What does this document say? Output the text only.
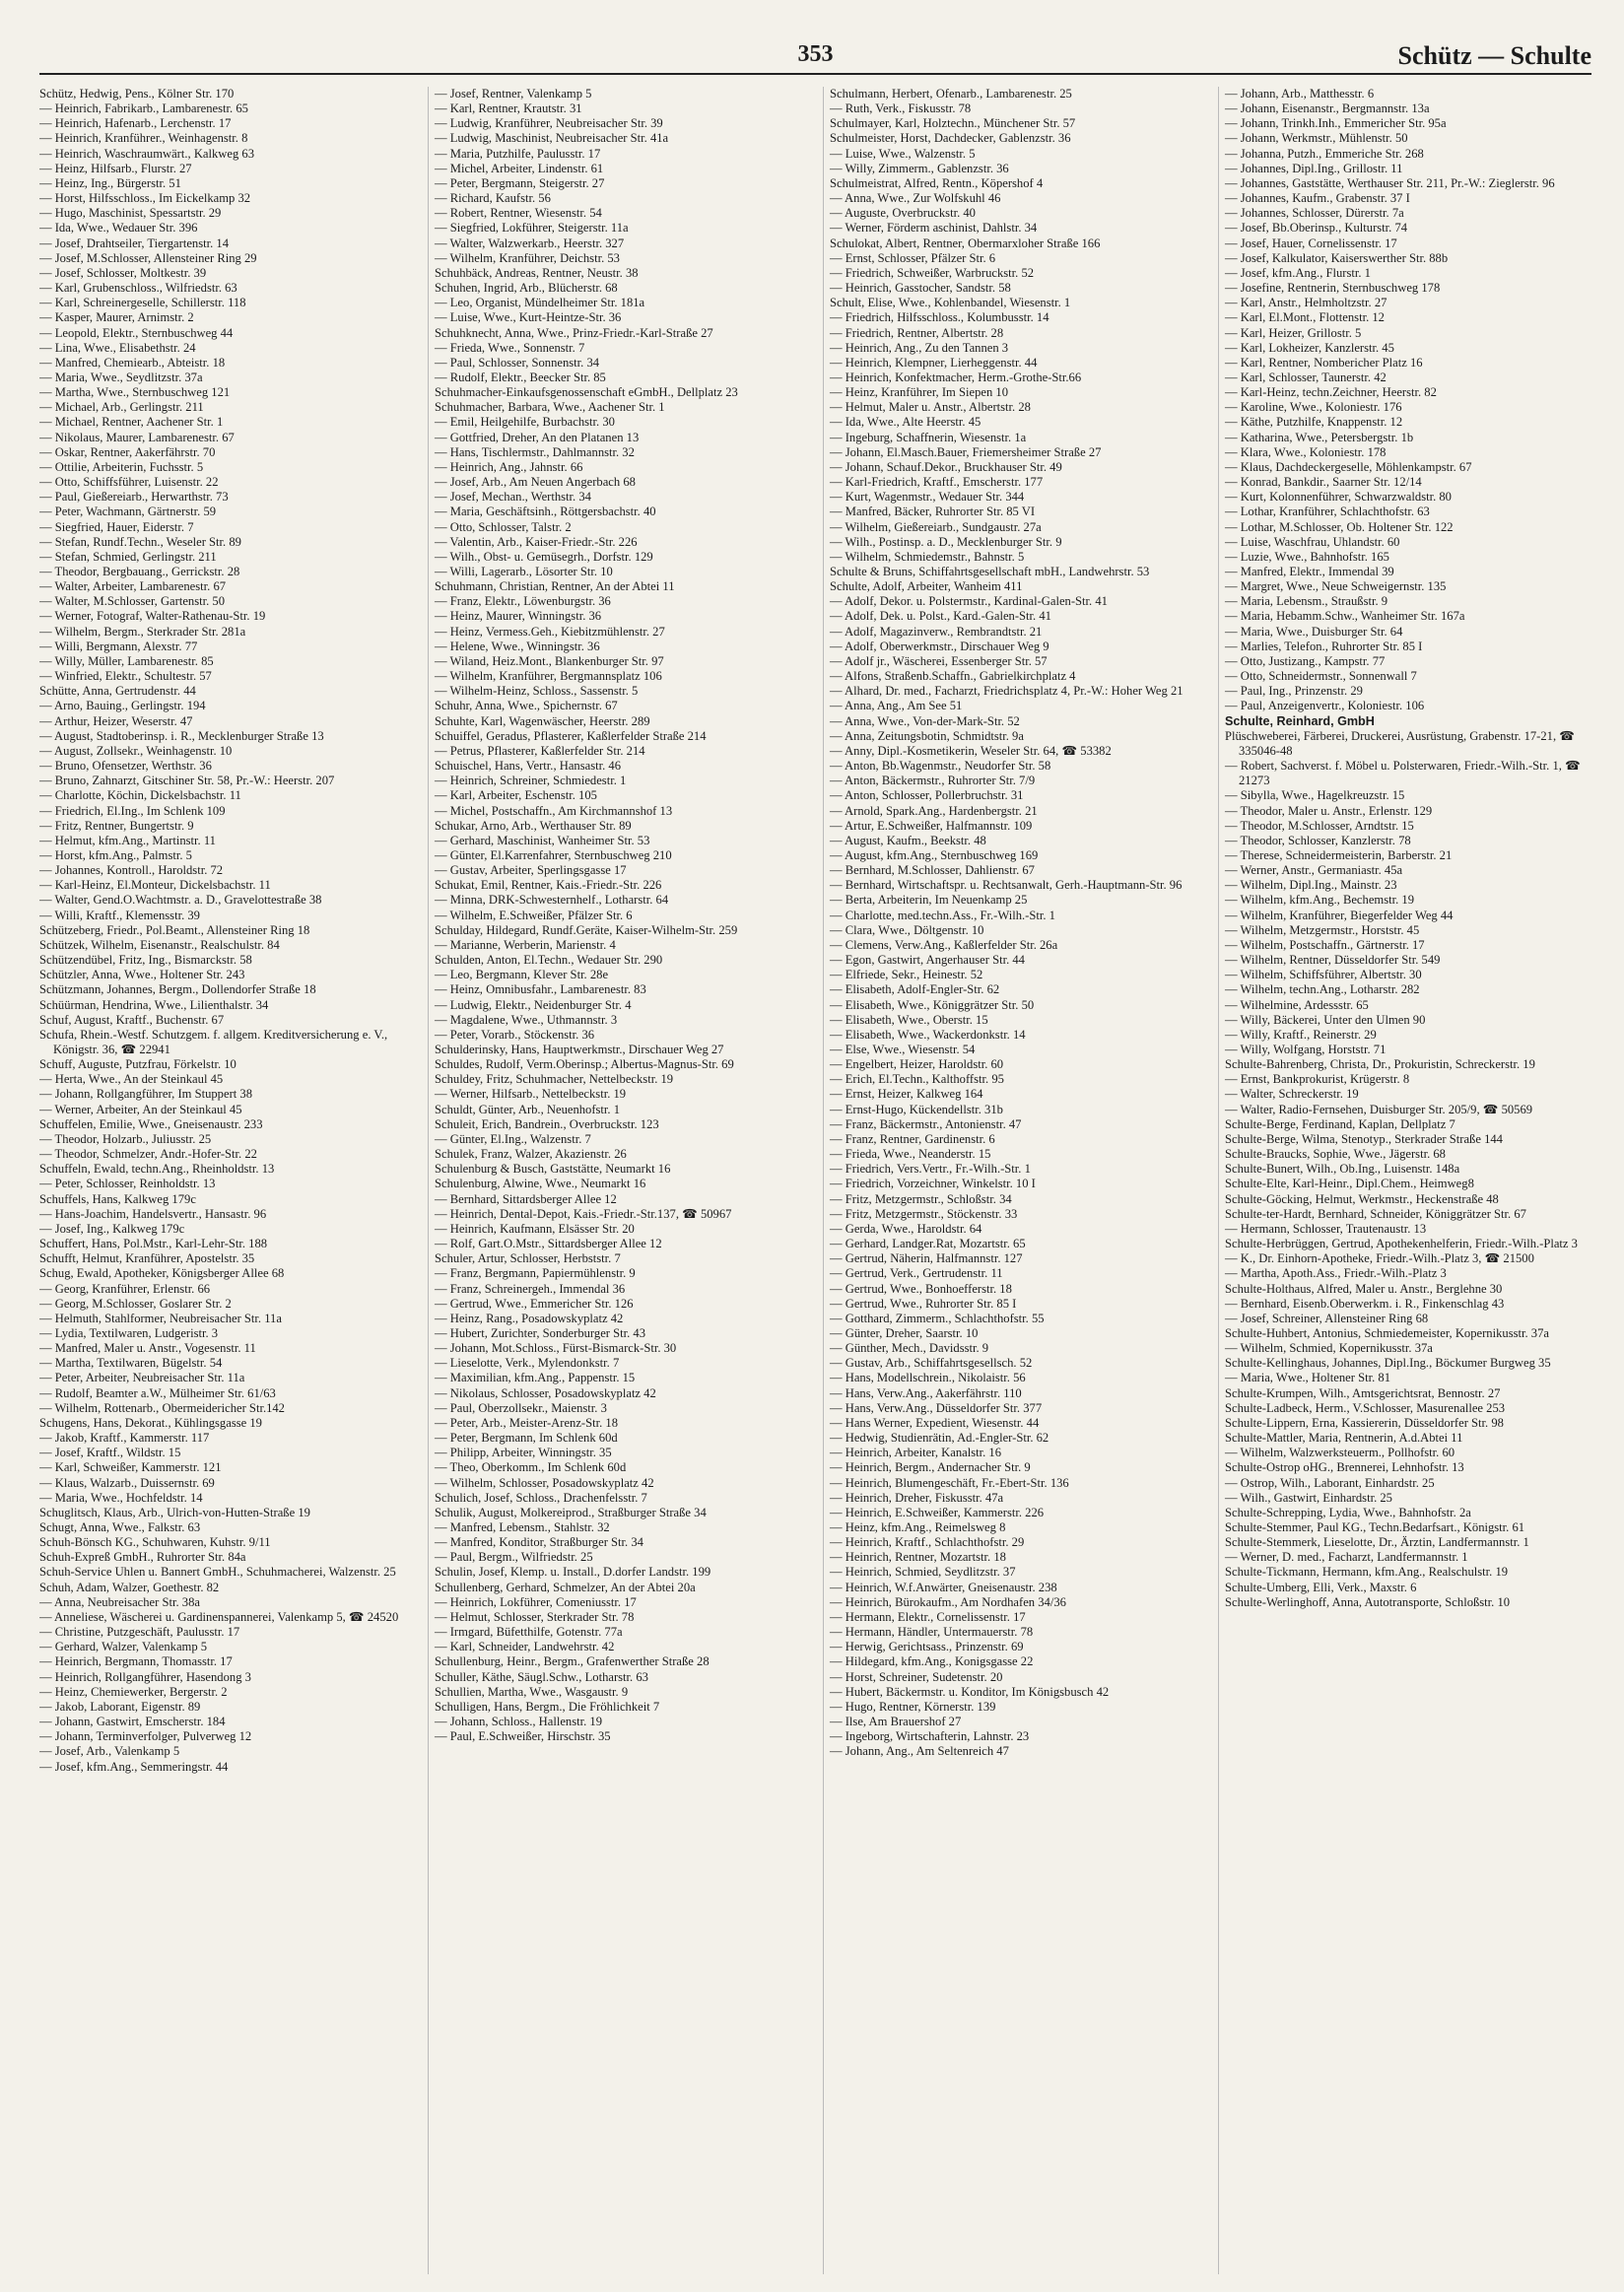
353	Schütz — Schulte
Schütz, Hedwig, Pens., Kölner Str. 170
— Heinrich, Fabrikarb., Lambarenestr. 65
— Heinrich, Hafenarb., Lerchenstr. 17
— Heinrich, Kranführer., Weinhagenstr. 8
— Heinrich, Waschraumwärt., Kalkweg 63
— Heinz, Hilfsarb., Flurstr. 27
— Heinz, Ing., Bürgerstr. 51
— Horst, Hilfsschloss., Im Eickelkamp 32
— Hugo, Maschinist, Spessartstr. 29
— Ida, Wwe., Wedauer Str. 396
— Josef, Drahtseiler, Tiergartenstr. 14
— Josef, M.Schlosser, Allensteiner Ring 29
— Josef, Schlosser, Moltkestr. 39
— Karl, Grubenschloss., Wilfriedstr. 63
— Karl, Schreinergeselle, Schillerstr. 118
— Kasper, Maurer, Arnimstr. 2
— Leopold, Elektr., Sternbuschweg 44
— Lina, Wwe., Elisabethstr. 24
— Manfred, Chemiearb., Abteistr. 18
— Maria, Wwe., Seydlitzstr. 37a
— Martha, Wwe., Sternbuschweg 121
— Michael, Arb., Gerlingstr. 211
— Michael, Rentner, Aachener Str. 1
— Nikolaus, Maurer, Lambarenestr. 67
— Oskar, Rentner, Aakerfährstr. 70
— Ottilie, Arbeiterin, Fuchsstr. 5
— Otto, Schiffsführer, Luisenstr. 22
— Paul, Gießereiarb., Herwarthstr. 73
— Peter, Wachmann, Gärtnerstr. 59
— Siegfried, Hauer, Eiderstr. 7
— Stefan, Rundf.Techn., Weseler Str. 89
— Stefan, Schmied, Gerlingstr. 211
— Theodor, Bergbauang., Gerrickstr. 28
— Walter, Arbeiter, Lambarenestr. 67
— Walter, M.Schlosser, Gartenstr. 50
— Werner, Fotograf, Walter-Rathenau-Str. 19
— Wilhelm, Bergm., Sterkrader Str. 281a
— Willi, Bergmann, Alexstr. 77
— Willy, Müller, Lambarenestr. 85
— Winfried, Elektr., Schultestr. 57
Schütte, Anna, Gertrudenstr. 44
— Arno, Bauing., Gerlingstr. 194
— Arthur, Heizer, Weserstr. 47
— August, Stadtoberinsp. i. R., Mecklenburger Straße 13
— August, Zollsekr., Weinhagenstr. 10
— Bruno, Ofensetzer, Werthstr. 36
— Bruno, Zahnarzt, Gitschiner Str. 58, Pr.-W.: Heerstr. 207
— Charlotte, Köchin, Dickelsbachstr. 11
— Friedrich, El.Ing., Im Schlenk 109
— Fritz, Rentner, Bungertstr. 9
— Helmut, kfm.Ang., Martinstr. 11
— Horst, kfm.Ang., Palmstr. 5
— Johannes, Kontroll., Haroldstr. 72
— Karl-Heinz, El.Monteur, Dickelsbachstr. 11
— Walter, Gend.O.Wachtmstr. a. D., Gravelottestraße 38
— Willi, Kraftf., Klemensstr. 39
Schützeberg, Friedr., Pol.Beamt., Allensteiner Ring 18
Schützek, Wilhelm, Eisenanstr., Realschulstr. 84
Schützendübel, Fritz, Ing., Bismarckstr. 58
Schützler, Anna, Wwe., Holtener Str. 243
Schützmann, Johannes, Bergm., Dollendorfer Straße 18
Schüürman, Hendrina, Wwe., Lilienthalstr. 34
Schuf, August, Kraftf., Buchenstr. 67
Schufa, Rhein.-Westf. Schutzgem. f. allgem. Kreditversicherung e. V., Königstr. 36, ☎ 22941
Schuff, Auguste, Putzfrau, Förkelstr. 10
— Herta, Wwe., An der Steinkaul 45
— Johann, Rollgangführer, Im Stuppert 38
— Werner, Arbeiter, An der Steinkaul 45
Schuffelen, Emilie, Wwe., Gneisenaustr. 233
— Theodor, Holzarb., Juliusstr. 25
— Theodor, Schmelzer, Andr.-Hofer-Str. 22
Schuffeln, Ewald, techn.Ang., Rheinholdstr. 13
— Peter, Schlosser, Reinholdstr. 13
Schuffels, Hans, Kalkweg 179c
— Hans-Joachim, Handelsvertr., Hansastr. 96
— Josef, Ing., Kalkweg 179c
Schuffert, Hans, Pol.Mstr., Karl-Lehr-Str. 188
Schufft, Helmut, Kranführer, Apostelstr. 35
Schug, Ewald, Apotheker, Königsberger Allee 68
— Georg, Kranführer, Erlenstr. 66
— Georg, M.Schlosser, Goslarer Str. 2
— Helmuth, Stahlformer, Neubreisacher Str. 11a
— Lydia, Textilwaren, Ludgeristr. 3
— Manfred, Maler u. Anstr., Vogesenstr. 11
— Martha, Textilwaren, Bügelstr. 54
— Peter, Arbeiter, Neubreisacher Str. 11a
— Rudolf, Beamter a.W., Mülheimer Str. 61/63
— Wilhelm, Rottenarb., Obermeidericher Str.142
Schugens, Hans, Dekorat., Kühlingsgasse 19
— Jakob, Kraftf., Kammerstr. 117
— Josef, Kraftf., Wildstr. 15
— Karl, Schweißer, Kammerstr. 121
— Klaus, Walzarb., Duissernstr. 69
— Maria, Wwe., Hochfeldstr. 14
Schuglitsch, Klaus, Arb., Ulrich-von-Hutten-Straße 19
Schugt, Anna, Wwe., Falkstr. 63
Schuh-Bönsch KG., Schuhwaren, Kuhstr. 9/11
Schuh-Expreß GmbH., Ruhrorter Str. 84a
Schuh-Service Uhlen u. Bannert GmbH., Schuhmacherei, Walzenstr. 25
Schuh, Adam, Walzer, Goethestr. 82
— Anna, Neubreisacher Str. 38a
— Anneliese, Wäscherei u. Gardinenspannerei, Valenkamp 5, ☎ 24520
— Christine, Putzgeschäft, Paulusstr. 17
— Gerhard, Walzer, Valenkamp 5
— Heinrich, Bergmann, Thomasstr. 17
— Heinrich, Rollgangführer, Hasendong 3
— Heinz, Chemiewerker, Bergerstr. 2
— Jakob, Laborant, Eigenstr. 89
— Johann, Gastwirt, Emscherstr. 184
— Johann, Terminverfolger, Pulverweg 12
— Josef, Arb., Valenkamp 5
— Josef, kfm.Ang., Semmeringstr. 44
— Josef, Rentner, Valenkamp 5
— Karl, Rentner, Krautstr. 31
— Ludwig, Kranführer, Neubreisacher Str. 39
— Ludwig, Maschinist, Neubreisacher Str. 41a
— Maria, Putzhilfe, Paulusstr. 17
— Michel, Arbeiter, Lindenstr. 61
— Peter, Bergmann, Steigerstr. 27
— Richard, Kaufstr. 56
— Robert, Rentner, Wiesenstr. 54
— Siegfried, Lokführer, Steigerstr. 11a
— Walter, Walzwerkarb., Heerstr. 327
— Wilhelm, Kranführer, Deichstr. 53
Schuhbäck, Andreas, Rentner, Neustr. 38
Schuhen, Ingrid, Arb., Blücherstr. 68
— Leo, Organist, Mündelheimer Str. 181a
— Luise, Wwe., Kurt-Heintze-Str. 36
Schuhknecht, Anna, Wwe., Prinz-Friedr.-Karl-Straße 27
— Frieda, Wwe., Sonnenstr. 7
— Paul, Schlosser, Sonnenstr. 34
— Rudolf, Elektr., Beecker Str. 85
Schuhmacher-Einkaufsgenossenschaft eGmbH., Dellplatz 23
Schuhmacher, Barbara, Wwe., Aachener Str. 1
— Emil, Heilgehilfe, Burbachstr. 30
— Gottfried, Dreher, An den Platanen 13
— Hans, Tischlermstr., Dahlmannstr. 32
— Heinrich, Ang., Jahnstr. 66
— Josef, Arb., Am Neuen Angerbach 68
— Josef, Mechan., Werthstr. 34
— Maria, Geschäftsinh., Röttgersbachstr. 40
— Otto, Schlosser, Talstr. 2
— Valentin, Arb., Kaiser-Friedr.-Str. 226
— Wilh., Obst- u. Gemüsegrh., Dorfstr. 129
— Willi, Lagerarb., Lösorter Str. 10
Schuhmann, Christian, Rentner, An der Abtei 11
— Franz, Elektr., Löwenburgstr. 36
— Heinz, Maurer, Winningstr. 36
— Heinz, Vermess.Geh., Kiebitzmühlenstr. 27
— Helene, Wwe., Winningstr. 36
— Wiland, Heiz.Mont., Blankenburger Str. 97
— Wilhelm, Kranführer, Bergmannsplatz 106
— Wilhelm-Heinz, Schloss., Sassenstr. 5
Schuhr, Anna, Wwe., Spichernstr. 67
Schuhte, Karl, Wagenwäscher, Heerstr. 289
Schuiffel, Geradus, Pflasterer, Kaßlerfelder Straße 214
— Petrus, Pflasterer, Kaßlerfelder Str. 214
Schuischel, Hans, Vertr., Hansastr. 46
— Heinrich, Schreiner, Schmiedestr. 1
— Karl, Arbeiter, Eschenstr. 105
— Michel, Postschaffn., Am Kirchmannshof 13
Schukar, Arno, Arb., Werthauser Str. 89
— Gerhard, Maschinist, Wanheimer Str. 53
— Günter, El.Karrenfahrer, Sternbuschweg 210
— Gustav, Arbeiter, Sperlingsgasse 17
Schukat, Emil, Rentner, Kais.-Friedr.-Str. 226
— Minna, DRK-Schwesternhelf., Lotharstr. 64
— Wilhelm, E.Schweißer, Pfälzer Str. 6
Schulday, Hildegard, Rundf.Geräte, Kaiser-Wilhelm-Str. 259
— Marianne, Werberin, Marienstr. 4
Schulden, Anton, El.Techn., Wedauer Str. 290
— Leo, Bergmann, Klever Str. 28e
— Heinz, Omnibusfahr., Lambarenestr. 83
— Ludwig, Elektr., Neidenburger Str. 4
— Magdalene, Wwe., Uthmannstr. 3
— Peter, Vorarb., Stöckenstr. 36
Schulderinsky, Hans, Hauptwerkmstr., Dirschauer Weg 27
Schuldes, Rudolf, Verm.Oberinsp.; Albertus-Magnus-Str. 69
Schuldey, Fritz, Schuhmacher, Nettelbeckstr. 19
— Werner, Hilfsarb., Nettelbeckstr. 19
Schuldt, Günter, Arb., Neuenhofstr. 1
Schuleit, Erich, Bandrein., Overbruckstr. 123
— Günter, El.Ing., Walzenstr. 7
Schulek, Franz, Walzer, Akazienstr. 26
Schulenburg & Busch, Gaststätte, Neumarkt 16
Schulenburg, Alwine, Wwe., Neumarkt 16
— Bernhard, Sittardsberger Allee 12
— Heinrich, Dental-Depot, Kais.-Friedr.-Str.137, ☎ 50967
— Heinrich, Kaufmann, Elsässer Str. 20
— Rolf, Gart.O.Mstr., Sittardsberger Allee 12
Schuler, Artur, Schlosser, Herbststr. 7
— Franz, Bergmann, Papiermühlenstr. 9
— Franz, Schreinergeh., Immendal 36
— Gertrud, Wwe., Emmericher Str. 126
— Heinz, Rang., Posadowskyplatz 42
— Hubert, Zurichter, Sonderburger Str. 43
— Johann, Mot.Schloss., Fürst-Bismarck-Str. 30
— Lieselotte, Verk., Mylendonkstr. 7
— Maximilian, kfm.Ang., Pappenstr. 15
— Nikolaus, Schlosser, Posadowskyplatz 42
— Paul, Oberzollsekr., Maienstr. 3
— Peter, Arb., Meister-Arenz-Str. 18
— Peter, Bergmann, Im Schlenk 60d
— Philipp, Arbeiter, Winningstr. 35
— Theo, Oberkomm., Im Schlenk 60d
— Wilhelm, Schlosser, Posadowskyplatz 42
Schulich, Josef, Schloss., Drachenfelsstr. 7
Schulik, August, Molkereiprod., Straßburger Straße 34
— Manfred, Lebensm., Stahlstr. 32
— Manfred, Konditor, Straßburger Str. 34
— Paul, Bergm., Wilfriedstr. 25
Schulin, Josef, Klemp. u. Install., D.dorfer Landstr. 199
Schullenberg, Gerhard, Schmelzer, An der Abtei 20a
— Heinrich, Lokführer, Comeniusstr. 17
— Helmut, Schlosser, Sterkrader Str. 78
— Irmgard, Büfetthilfe, Gotenstr. 77a
— Karl, Schneider, Landwehrstr. 42
Schullenburg, Heinr., Bergm., Grafenwerther Straße 28
Schuller, Käthe, Säugl.Schw., Lotharstr. 63
Schullien, Martha, Wwe., Wasgaustr. 9
Schulligen, Hans, Bergm., Die Fröhlichkeit 7
— Johann, Schloss., Hallenstr. 19
— Paul, E.Schweißer, Hirschstr. 35
Schulmann, Herbert, Ofenarb., Lambarenestr. 25
— Ruth, Verk., Fiskusstr. 78
Schulmayer, Karl, Holztechn., Münchener Str. 57
Schulmeister, Horst, Dachdecker, Gablenzstr. 36
— Luise, Wwe., Walzenstr. 5
— Willy, Zimmerm., Gablenzstr. 36
Schulmeistrat, Alfred, Rentn., Köpershof 4
— Anna, Wwe., Zur Wolfskuhl 46
— Auguste, Overbruckstr. 40
— Werner, Förderm aschinist, Dahlstr. 34
Schulokat, Albert, Rentner, Obermarxloher Straße 166
— Ernst, Schlosser, Pfälzer Str. 6
— Friedrich, Schweißer, Warbruckstr. 52
— Heinrich, Gasstocher, Sandstr. 58
Schult, Elise, Wwe., Kohlenbandel, Wiesenstr. 1
— Friedrich, Hilfsschloss., Kolumbusstr. 14
— Friedrich, Rentner, Albertstr. 28
— Heinrich, Ang., Zu den Tannen 3
— Heinrich, Klempner, Lierheggenstr. 44
— Heinrich, Konfektmacher, Herm.-Grothe-Str.66
— Heinz, Kranführer, Im Siepen 10
— Helmut, Maler u. Anstr., Albertstr. 28
— Ida, Wwe., Alte Heerstr. 45
— Ingeburg, Schaffnerin, Wiesenstr. 1a
— Johann, El.Masch.Bauer, Friemersheimer Straße 27
— Johann, Schauf.Dekor., Bruckhauser Str. 49
— Karl-Friedrich, Kraftf., Emscherstr. 177
— Kurt, Wagenmstr., Wedauer Str. 344
— Manfred, Bäcker, Ruhrorter Str. 85 VI
— Wilhelm, Gießereiarb., Sundgaustr. 27a
— Wilh., Postinsp. a. D., Mecklenburger Str. 9
— Wilhelm, Schmiedemstr., Bahnstr. 5
Schulte & Bruns, Schiffahrtsgesellschaft mbH., Landwehrstr. 53
Schulte, Adolf, Arbeiter, Wanheim 411
— Adolf, Dekor. u. Polstermstr., Kardinal-Galen-Str. 41
— Adolf, Dek. u. Polst., Kard.-Galen-Str. 41
— Adolf, Magazinverw., Rembrandtstr. 21
— Adolf, Oberwerkmstr., Dirschauer Weg 9
— Adolf jr., Wäscherei, Essenberger Str. 57
— Alfons, Straßenb.Schaffn., Gabrielkirchplatz 4
— Alhard, Dr. med., Facharzt, Friedrichsplatz 4, Pr.-W.: Hoher Weg 21
— Anna, Ang., Am See 51
— Anna, Wwe., Von-der-Mark-Str. 52
— Anna, Zeitungsbotin, Schmidtstr. 9a
— Anny, Dipl.-Kosmetikerin, Weseler Str. 64, ☎ 53382
— Anton, Bb.Wagenmstr., Neudorfer Str. 58
— Anton, Bäckermstr., Ruhrorter Str. 7/9
— Anton, Schlosser, Pollerbruchstr. 31
— Arnold, Spark.Ang., Hardenbergstr. 21
— Artur, E.Schweißer, Halfmannstr. 109
— August, Kaufm., Beekstr. 48
— August, kfm.Ang., Sternbuschweg 169
— Bernhard, M.Schlosser, Dahlienstr. 67
— Bernhard, Wirtschaftspr. u. Rechtsanwalt, Gerh.-Hauptmann-Str. 96
— Berta, Arbeiterin, Im Neuenkamp 25
— Charlotte, med.techn.Ass., Fr.-Wilh.-Str. 1
— Clara, Wwe., Döltgenstr. 10
— Clemens, Verw.Ang., Kaßlerfelder Str. 26a
— Egon, Gastwirt, Angerhauser Str. 44
— Elfriede, Sekr., Heinestr. 52
— Elisabeth, Adolf-Engler-Str. 62
— Elisabeth, Wwe., Königgrätzer Str. 50
— Elisabeth, Wwe., Oberstr. 15
— Elisabeth, Wwe., Wackerdonkstr. 14
— Else, Wwe., Wiesenstr. 54
— Engelbert, Heizer, Haroldstr. 60
— Erich, El.Techn., Kalthoffstr. 95
— Ernst, Heizer, Kalkweg 164
— Ernst-Hugo, Kückendellstr. 31b
— Franz, Bäckermstr., Antonienstr. 47
— Franz, Rentner, Gardinenstr. 6
— Frieda, Wwe., Neanderstr. 15
— Friedrich, Vers.Vertr., Fr.-Wilh.-Str. 1
— Friedrich, Vorzeichner, Winkelstr. 10 I
— Fritz, Metzgermstr., Schloßstr. 34
— Fritz, Metzgermstr., Stöckenstr. 33
— Gerda, Wwe., Haroldstr. 64
— Gerhard, Landger.Rat, Mozartstr. 65
— Gertrud, Näherin, Halfmannstr. 127
— Gertrud, Verk., Gertrudenstr. 11
— Gertrud, Wwe., Bonhoefferstr. 18
— Gertrud, Wwe., Ruhrorter Str. 85 I
— Gotthard, Zimmerm., Schlachthofstr. 55
— Günter, Dreher, Saarstr. 10
— Günther, Mech., Davidsstr. 9
— Gustav, Arb., Schiffahrtsgesellsch. 52
— Hans, Modellschrein., Nikolaistr. 56
— Hans, Verw.Ang., Aakerfährstr. 110
— Hans, Verw.Ang., Düsseldorfer Str. 377
— Hans Werner, Expedient, Wiesenstr. 44
— Hedwig, Studienrätin, Ad.-Engler-Str. 62
— Heinrich, Arbeiter, Kanalstr. 16
— Heinrich, Bergm., Andernacher Str. 9
— Heinrich, Blumengeschäft, Fr.-Ebert-Str. 136
— Heinrich, Dreher, Fiskusstr. 47a
— Heinrich, E.Schweißer, Kammerstr. 226
— Heinz, kfm.Ang., Reimelsweg 8
— Heinrich, Kraftf., Schlachthofstr. 29
— Heinrich, Rentner, Mozartstr. 18
— Heinrich, Schmied, Seydlitzstr. 37
— Heinrich, W.f.Anwärter, Gneisenaustr. 238
— Heinrich, Bürokaufm., Am Nordhafen 34/36
— Hermann, Elektr., Cornelissenstr. 17
— Hermann, Händler, Untermauerstr. 78
— Herwig, Gerichtsass., Prinzenstr. 69
— Hildegard, kfm.Ang., Konigsgasse 22
— Horst, Schreiner, Sudetenstr. 20
— Hubert, Bäckermstr. u. Konditor, Im Königsbusch 42
— Hugo, Rentner, Körnerstr. 139
— Ilse, Am Brauershof 27
— Ingeborg, Wirtschafterin, Lahnstr. 23
— Johann, Ang., Am Seltenreich 47
— Johann, Arb., Matthesstr. 6
— Johann, Eisenanstr., Bergmannstr. 13a
— Johann, Trinkh.Inh., Emmericher Str. 95a
— Johann, Werkmstr., Mühlenstr. 50
— Johanna, Putzh., Emmeriche Str. 268
— Johannes, Dipl.Ing., Grillostr. 11
— Johannes, Gaststätte, Werthauser Str. 211, Pr.-W.: Zieglerstr. 96
— Johannes, Kaufm., Grabenstr. 37 I
— Johannes, Schlosser, Dürerstr. 7a
— Josef, Bb.Oberinsp., Kulturstr. 74
— Josef, Hauer, Cornelissenstr. 17
— Josef, Kalkulator, Kaiserswerther Str. 88b
— Josef, kfm.Ang., Flurstr. 1
— Josefine, Rentnerin, Sternbuschweg 178
— Karl, Anstr., Helmholtzstr. 27
— Karl, El.Mont., Flottenstr. 12
— Karl, Heizer, Grillostr. 5
— Karl, Lokheizer, Kanzlerstr. 45
— Karl, Rentner, Nombericher Platz 16
— Karl, Schlosser, Taunerstr. 42
— Karl-Heinz, techn.Zeichner, Heerstr. 82
— Karoline, Wwe., Koloniestr. 176
— Käthe, Putzhilfe, Knappenstr. 12
— Katharina, Wwe., Petersbergstr. 1b
— Klara, Wwe., Koloniestr. 178
— Klaus, Dachdeckergeselle, Möhlenkampstr. 67
— Konrad, Bankdir., Saarner Str. 12/14
— Kurt, Kolonnenführer, Schwarzwaldstr. 80
— Lothar, Kranführer, Schlachthofstr. 63
— Lothar, M.Schlosser, Ob. Holtener Str. 122
— Luise, Waschfrau, Uhlandstr. 60
— Luzie, Wwe., Bahnhofstr. 165
— Manfred, Elektr., Immendal 39
— Margret, Wwe., Neue Schweigernstr. 135
— Maria, Lebensm., Straußstr. 9
— Maria, Hebamm.Schw., Wanheimer Str. 167a
— Maria, Wwe., Duisburger Str. 64
— Marlies, Telefon., Ruhrorter Str. 85 I
— Otto, Justizang., Kampstr. 77
— Otto, Schneidermstr., Sonnenwall 7
— Paul, Ing., Prinzenstr. 29
— Paul, Anzeigenvertr., Koloniestr. 106
Schulte, Reinhard, GmbH
Plüschweberei, Färberei, Druckerei, Ausrüstung, Grabenstr. 17-21, ☎ 335046-48
— Robert, Sachverst. f. Möbel u. Polsterwaren, Friedr.-Wilh.-Str. 1, ☎ 21273
— Sibylla, Wwe., Hagelkreuzstr. 15
— Theodor, Maler u. Anstr., Erlenstr. 129
— Theodor, M.Schlosser, Arndtstr. 15
— Theodor, Schlosser, Kanzlerstr. 78
— Therese, Schneidermeisterin, Barberstr. 21
— Werner, Anstr., Germaniastr. 45a
— Wilhelm, Dipl.Ing., Mainstr. 23
— Wilhelm, kfm.Ang., Bechemstr. 19
— Wilhelm, Kranführer, Biegerfelder Weg 44
— Wilhelm, Metzgermstr., Horststr. 45
— Wilhelm, Postschaffn., Gärtnerstr. 17
— Wilhelm, Rentner, Düsseldorfer Str. 549
— Wilhelm, Schiffsführer, Albertstr. 30
— Wilhelm, techn.Ang., Lotharstr. 282
— Wilhelmine, Ardessstr. 65
— Willy, Bäckerei, Unter den Ulmen 90
— Willy, Kraftf., Reinerstr. 29
— Willy, Wolfgang, Horststr. 71
Schulte-Bahrenberg, Christa, Dr., Prokuristin, Schreckerstr. 19
— Ernst, Bankprokurist, Krügerstr. 8
— Walter, Schreckerstr. 19
— Walter, Radio-Fernsehen, Duisburger Str. 205/9, ☎ 50569
Schulte-Berge, Ferdinand, Kaplan, Dellplatz 7
Schulte-Berge, Wilma, Stenotyp., Sterkrader Straße 144
Schulte-Braucks, Sophie, Wwe., Jägerstr. 68
Schulte-Bunert, Wilh., Ob.Ing., Luisenstr. 148a
Schulte-Elte, Karl-Heinr., Dipl.Chem., Heimweg8
Schulte-Göcking, Helmut, Werkmstr., Heckenstraße 48
Schulte-ter-Hardt, Bernhard, Schneider, Königgrätzer Str. 67
— Hermann, Schlosser, Trautenaustr. 13
Schulte-Herbrüggen, Gertrud, Apothekenhelferin, Friedr.-Wilh.-Platz 3
— K., Dr. Einhorn-Apotheke, Friedr.-Wilh.-Platz 3, ☎ 21500
— Martha, Apoth.Ass., Friedr.-Wilh.-Platz 3
Schulte-Holthaus, Alfred, Maler u. Anstr., Berglehne 30
— Bernhard, Eisenb.Oberwerkm. i. R., Finkenschlag 43
— Josef, Schreiner, Allensteiner Ring 68
Schulte-Huhbert, Antonius, Schmiedemeister, Kopernikusstr. 37a
— Wilhelm, Schmied, Kopernikusstr. 37a
Schulte-Kellinghaus, Johannes, Dipl.Ing., Böckumer Burgweg 35
— Maria, Wwe., Holtener Str. 81
Schulte-Krumpen, Wilh., Amtsgerichtsrat, Bennostr. 27
Schulte-Ladbeck, Herm., V.Schlosser, Masurenallee 253
Schulte-Lippern, Erna, Kassiererin, Düsseldorfer Str. 98
Schulte-Mattler, Maria, Rentnerin, A.d.Abtei 11
— Wilhelm, Walzwerksteuerm., Pollhofstr. 60
Schulte-Ostrop oHG., Brennerei, Lehnhofstr. 13
— Ostrop, Wilh., Laborant, Einhardstr. 25
— Wilh., Gastwirt, Einhardstr. 25
Schulte-Schrepping, Lydia, Wwe., Bahnhofstr. 2a
Schulte-Stemmer, Paul KG., Techn.Bedarfsart., Königstr. 61
Schulte-Stemmerk, Lieselotte, Dr., Ärztin, Landfermannstr. 1
— Werner, D. med., Facharzt, Landfermannstr. 1
Schulte-Tickmann, Hermann, kfm.Ang., Realschulstr. 19
Schulte-Umberg, Elli, Verk., Maxstr. 6
Schulte-Werlinghoff, Anna, Autotransporte, Schloßstr. 10
